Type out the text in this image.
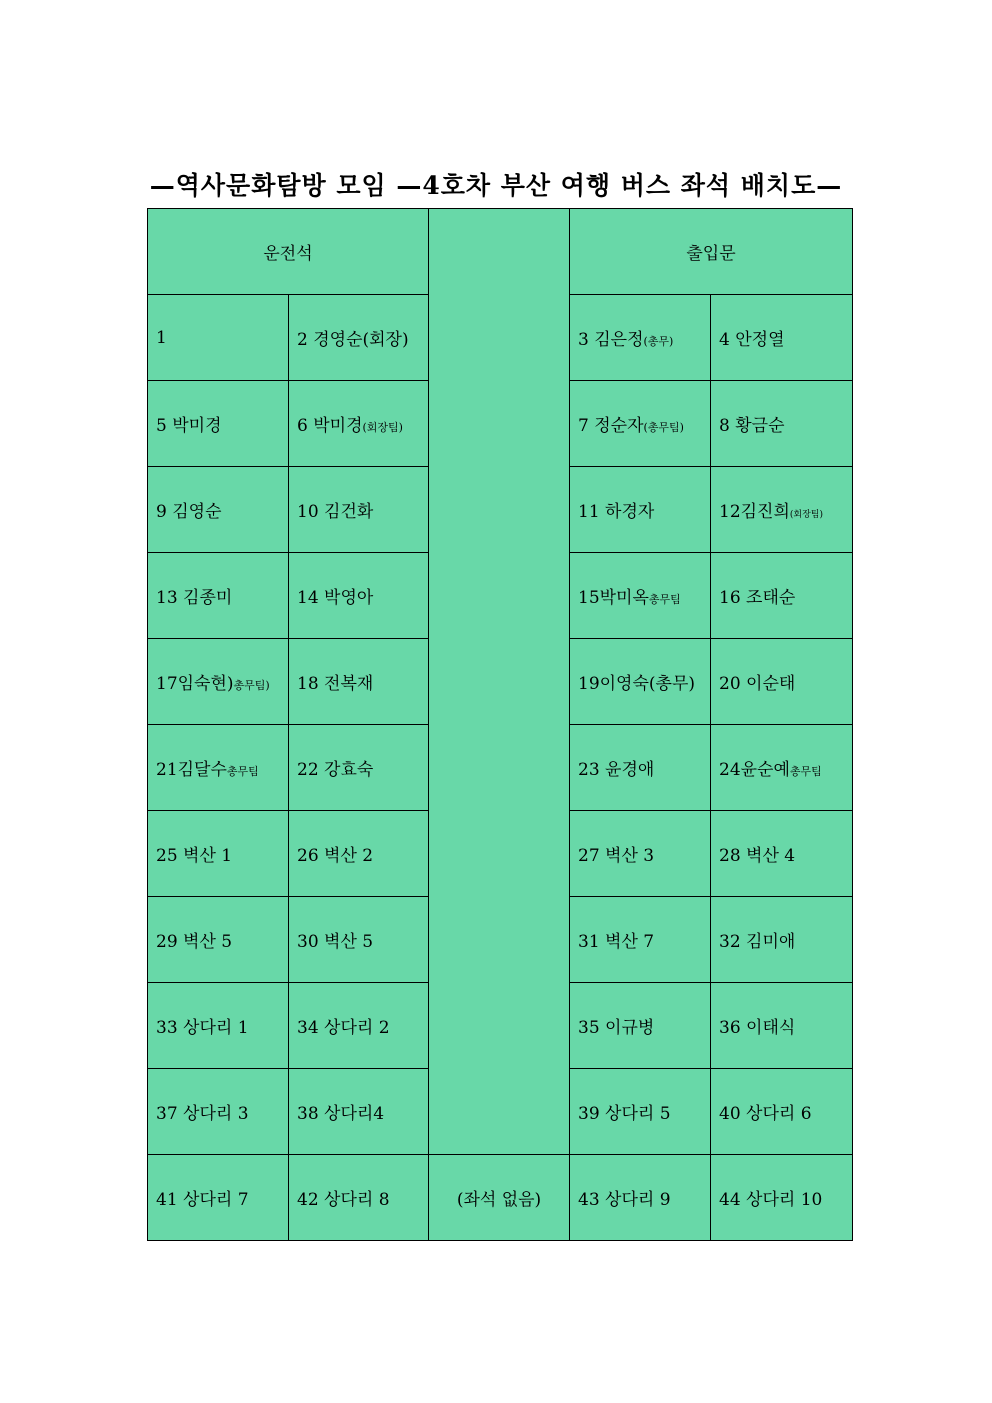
—역사문화탐방 모임 —4호차 부산 여행 버스 좌석 배치도—
운전석			출입문	
1	2 경영순(회장)		3 김은정(총무)	4 안정열
5 박미경	6 박미경(회장팀)		7 정순자(총무팀)	8 황금순
9 김영순	10 김건화		11 하경자	12김진희(회장팀)
13 김종미	14 박영아		15박미옥총무팀	16 조태순
17임숙현)총무팀)	18 전복재		19이영숙(총무)	20 이순태
21김달수총무팀	22 강효숙		23 윤경애	24윤순예총무팀
25 벽산 1	26 벽산 2		27 벽산 3	28 벽산 4
29 벽산 5	30 벽산 5		31 벽산 7	32 김미애
33 상다리 1	34 상다리 2		35 이규병	36 이태식
37 상다리 3	38 상다리4		39 상다리 5	40 상다리 6
41 상다리 7	42 상다리 8	(좌석 없음)	43 상다리 9	44 상다리 10
